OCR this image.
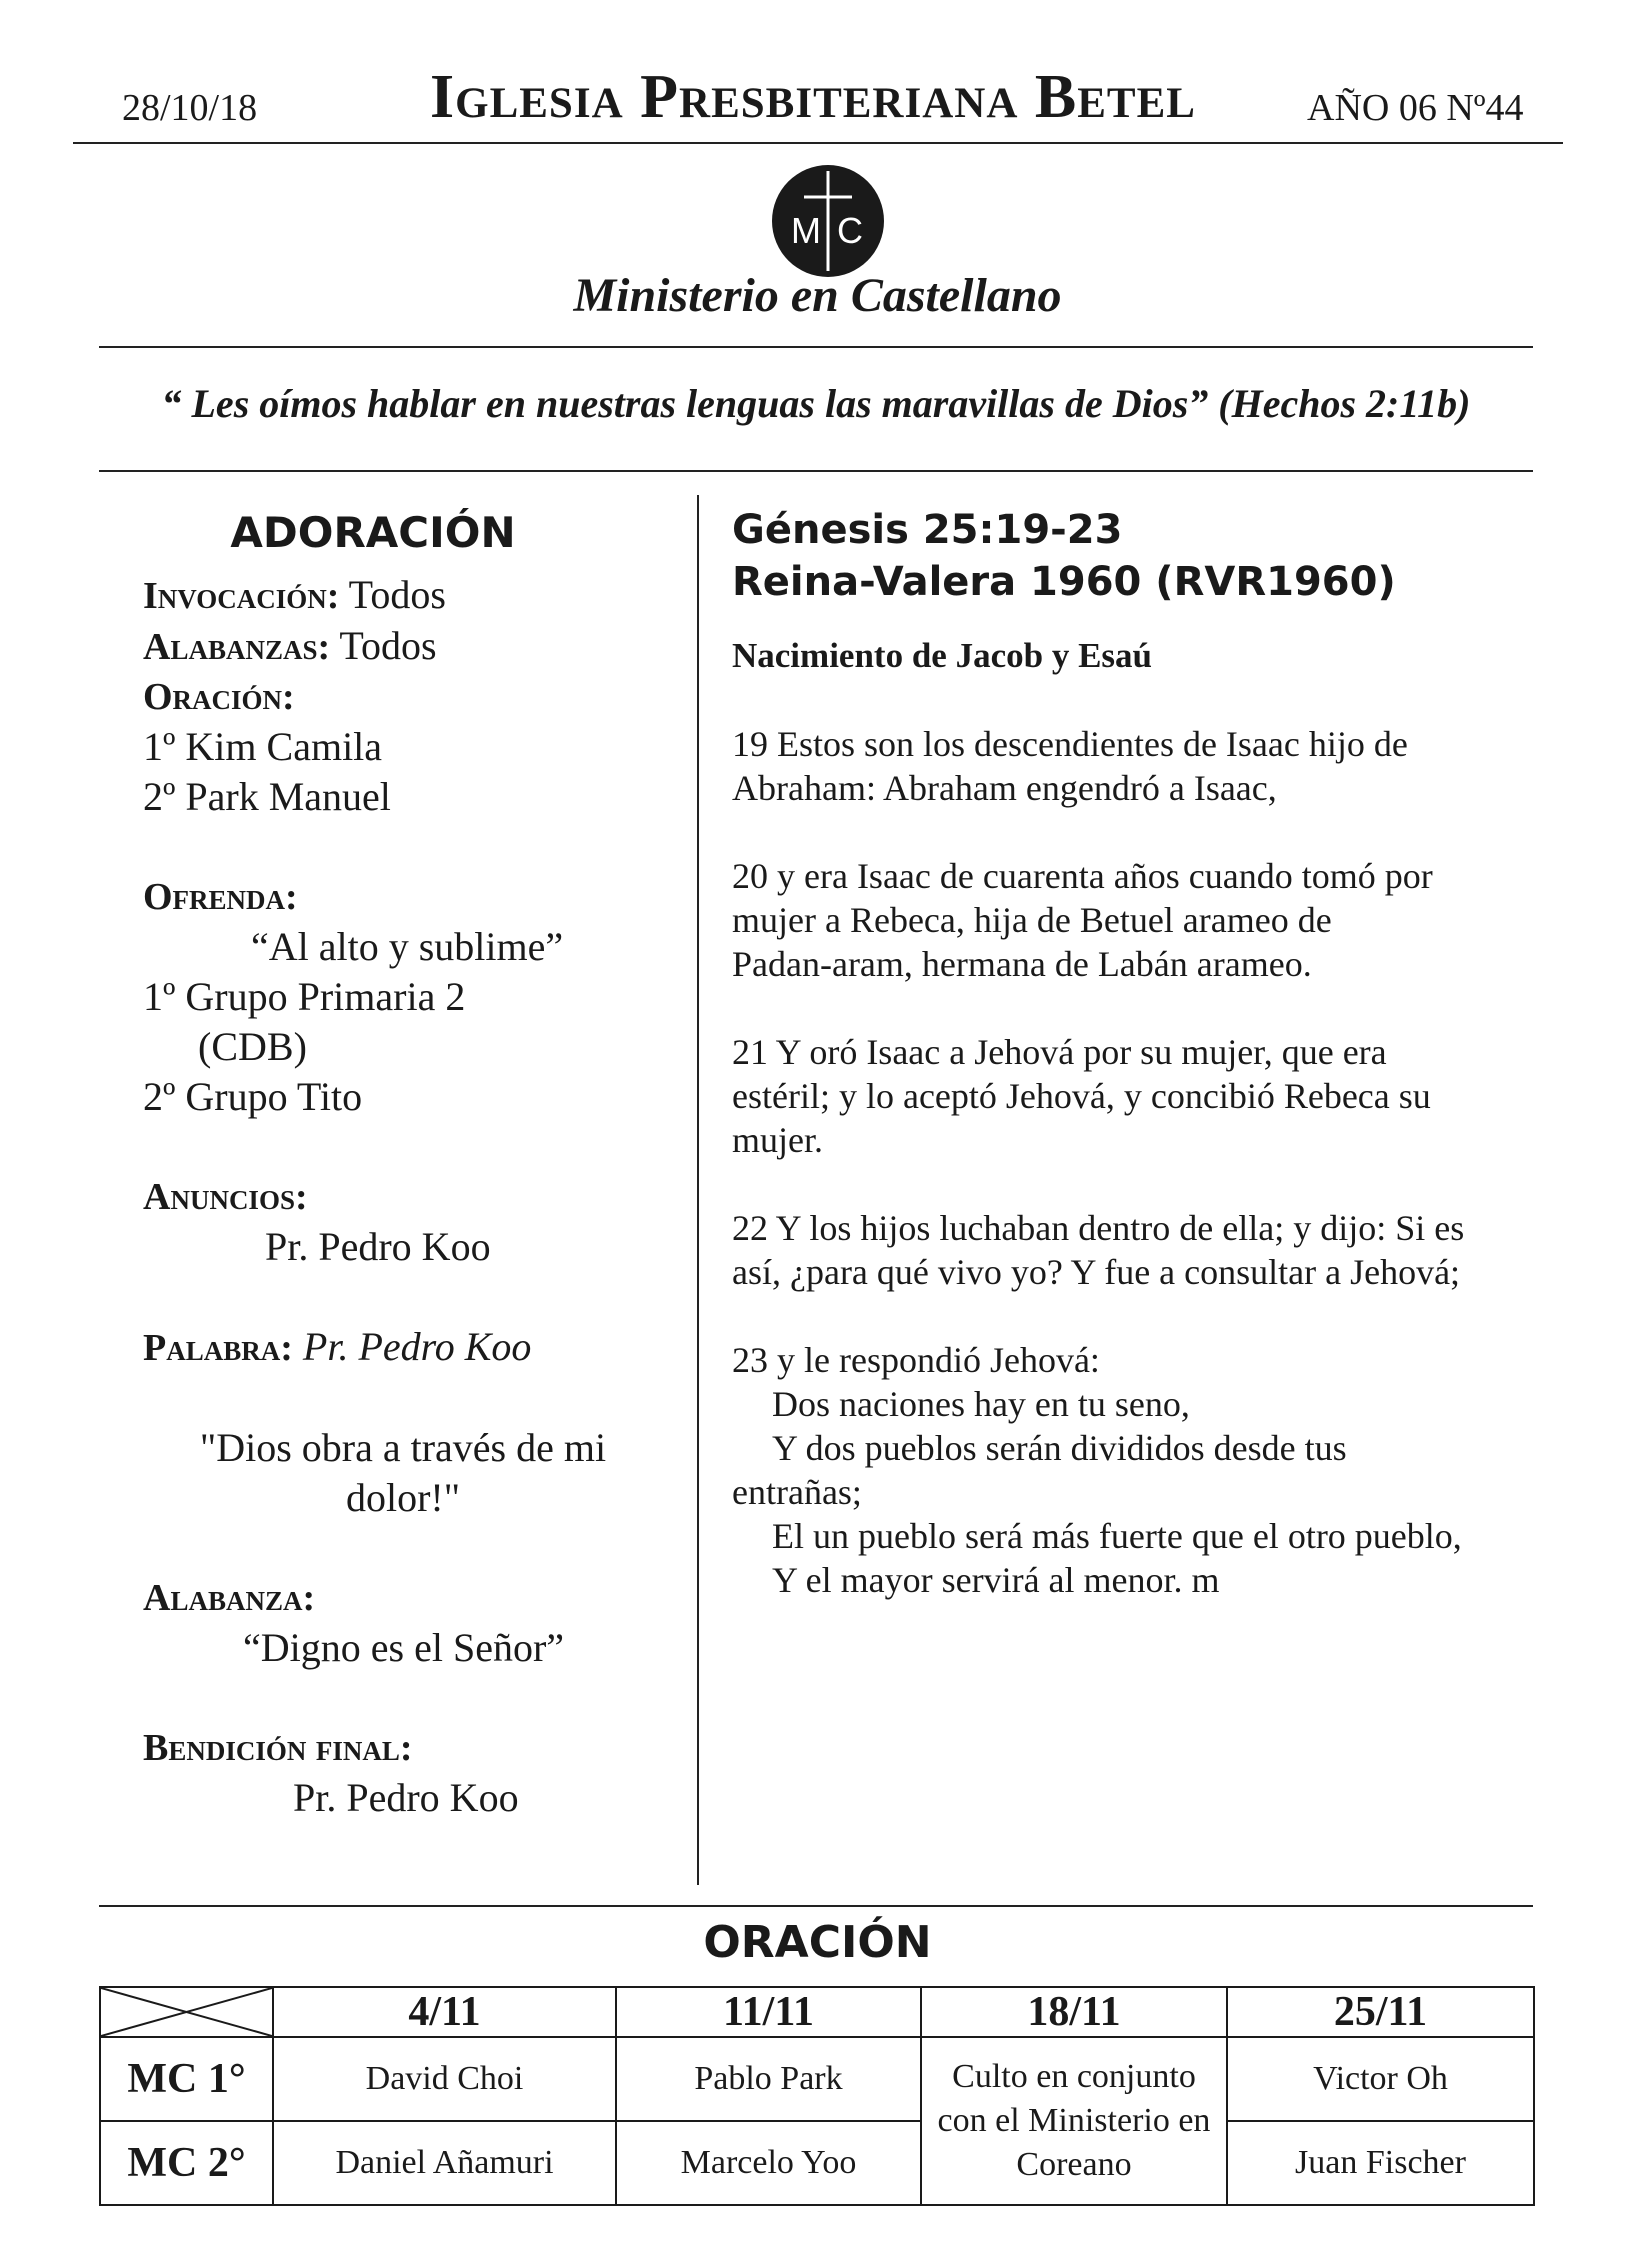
28/10/18	Iglesia Presbiteriana Betel	AÑO 06 Nº44
M C
Ministerio en Castellano
“ Les oímos hablar en nuestras lenguas las maravillas de Dios” (Hechos 2:11b)
ADORACIÓN
Invocación: Todos
Alabanzas: Todos
Oración:
1º Kim Camila
2º Park Manuel
Ofrenda:
“Al alto y sublime”
1º Grupo Primaria 2
(CDB)
2º Grupo Tito
Anuncios:
Pr. Pedro Koo
Palabra: Pr. Pedro Koo
"Dios obra a través de mi
dolor!"
Alabanza:
“Digno es el Señor”
Bendición final:
Pr. Pedro Koo
Génesis 25:19-23
Reina-Valera 1960 (RVR1960)
Nacimiento de Jacob y Esaú
19 Estos son los descendientes de Isaac hijo de
Abraham: Abraham engendró a Isaac,
20 y era Isaac de cuarenta años cuando tomó por
mujer a Rebeca, hija de Betuel arameo de
Padan-aram, hermana de Labán arameo.
21 Y oró Isaac a Jehová por su mujer, que era
estéril; y lo aceptó Jehová, y concibió Rebeca su
mujer.
22 Y los hijos luchaban dentro de ella; y dijo: Si es
así, ¿para qué vivo yo? Y fue a consultar a Jehová;
23 y le respondió Jehová:
Dos naciones hay en tu seno,
Y dos pueblos serán divididos desde tus
entrañas;
El un pueblo será más fuerte que el otro pueblo,
Y el mayor servirá al menor. m
ORACIÓN
	4/11	11/11	18/11	25/11
MC 1°	David Choi	Pablo Park	Culto en conjunto
con el Ministerio en
Coreano	Victor Oh
MC 2°	Daniel Añamuri	Marcelo Yoo		Juan Fischer
